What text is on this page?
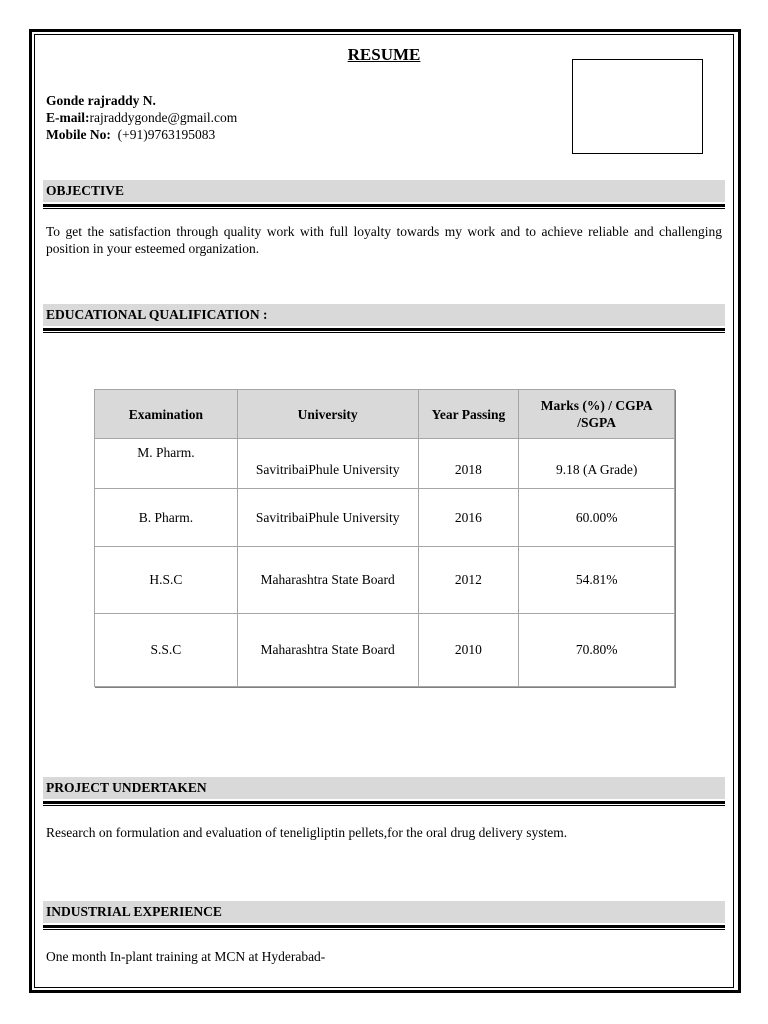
RESUME
Gonde rajraddy N.
E-mail:rajraddygonde@gmail.com
Mobile No: (+91)9763195083
OBJECTIVE
To get the satisfaction through quality work with full loyalty towards my work and to achieve reliable and challenging position in your esteemed organization.
EDUCATIONAL QUALIFICATION :
Examination	University	Year Passing	Marks (%) / CGPA /SGPA
M. Pharm.	SavitribaiPhule University	2018	9.18 (A Grade)
B. Pharm.	SavitribaiPhule University	2016	60.00%
H.S.C	Maharashtra State Board	2012	54.81%
S.S.C	Maharashtra State Board	2010	70.80%
PROJECT UNDERTAKEN
Research on formulation and evaluation of teneligliptin pellets,for the oral drug delivery system.
INDUSTRIAL EXPERIENCE
One month In-plant training at MCN at Hyderabad-
